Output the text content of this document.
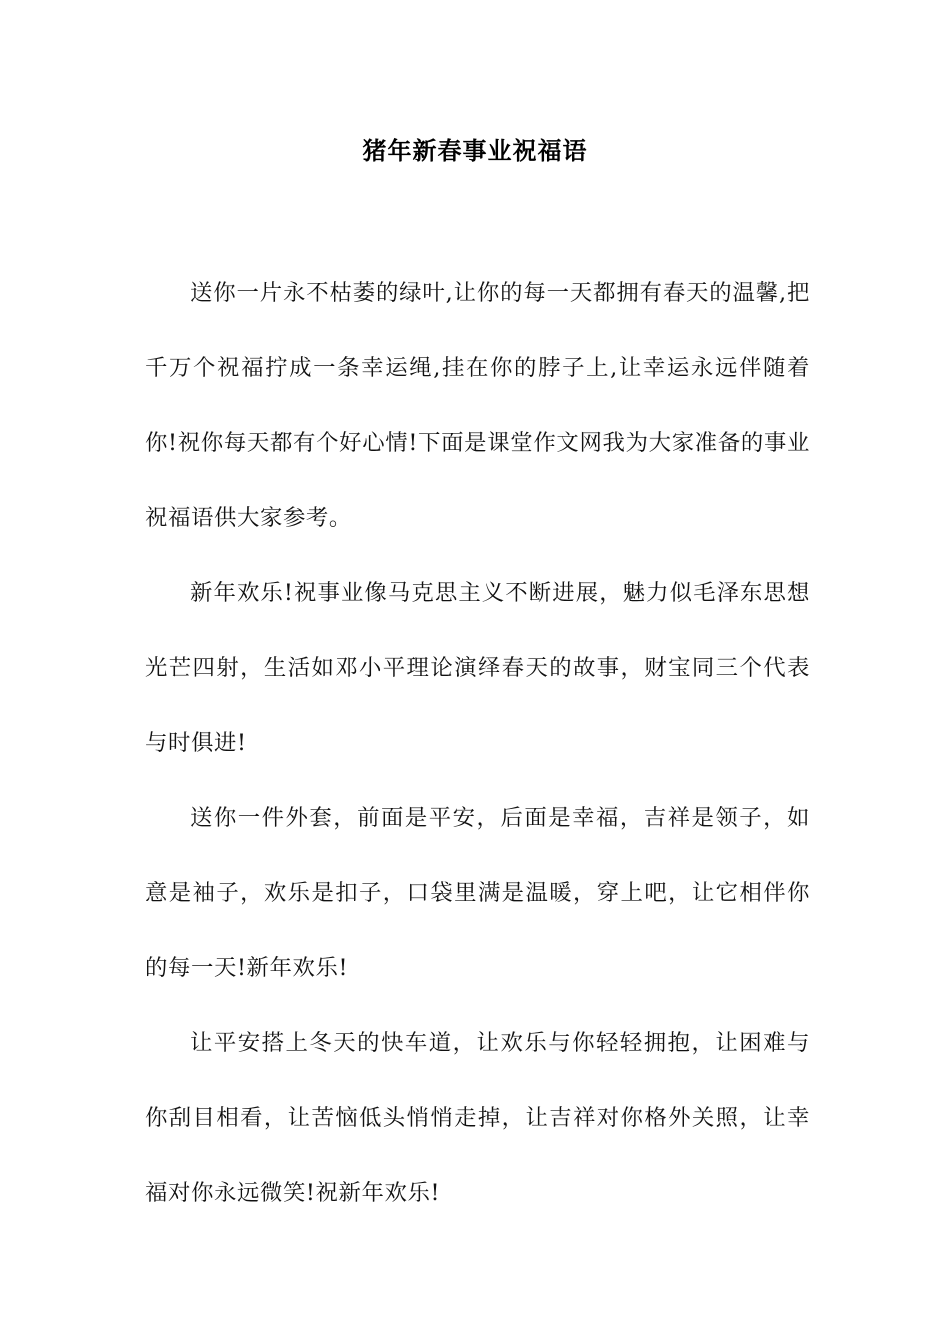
猪年新春事业祝福语

送你一片永不枯萎的绿叶,让你的每一天都拥有春天的温馨,把千万个祝福拧成一条幸运绳,挂在你的脖子上,让幸运永远伴随着你!祝你每天都有个好心情!下面是课堂作文网我为大家准备的事业祝福语供大家参考。

新年欢乐!祝事业像马克思主义不断进展，魅力似毛泽东思想光芒四射，生活如邓小平理论演绎春天的故事，财宝同三个代表与时俱进!

送你一件外套，前面是平安，后面是幸福，吉祥是领子，如意是袖子，欢乐是扣子，口袋里满是温暖，穿上吧，让它相伴你的每一天!新年欢乐!

让平安搭上冬天的快车道，让欢乐与你轻轻拥抱，让困难与你刮目相看，让苦恼低头悄悄走掉，让吉祥对你格外关照，让幸福对你永远微笑!祝新年欢乐!
